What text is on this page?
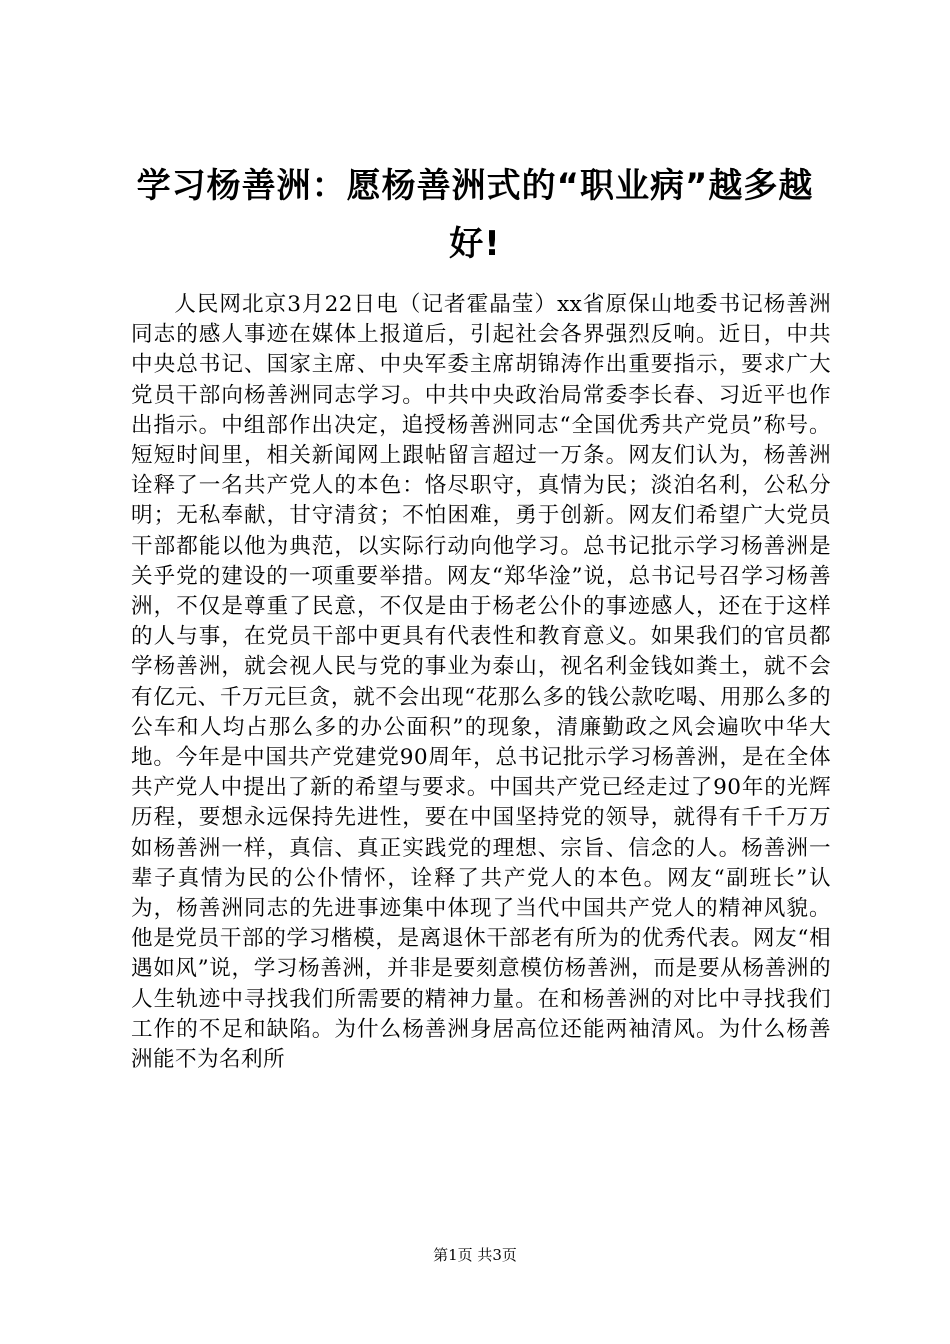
学习杨善洲：愿杨善洲式的“职业病”越多越
好!

人民网北京3月22日电（记者霍晶莹）xx省原保山地委书记杨善洲同志的感人事迹在媒体上报道后，引起社会各界强烈反响。近日，中共中央总书记、国家主席、中央军委主席胡锦涛作出重要指示，要求广大党员干部向杨善洲同志学习。中共中央政治局常委李长春、习近平也作出指示。中组部作出决定，追授杨善洲同志“全国优秀共产党员”称号。短短时间里，相关新闻网上跟帖留言超过一万条。网友们认为，杨善洲诠释了一名共产党人的本色：恪尽职守，真情为民；淡泊名利，公私分明；无私奉献，甘守清贫；不怕困难，勇于创新。网友们希望广大党员干部都能以他为典范，以实际行动向他学习。总书记批示学习杨善洲是关乎党的建设的一项重要举措。网友“郑华淦”说，总书记号召学习杨善洲，不仅是尊重了民意，不仅是由于杨老公仆的事迹感人，还在于这样的人与事，在党员干部中更具有代表性和教育意义。如果我们的官员都学杨善洲，就会视人民与党的事业为泰山，视名利金钱如粪土，就不会有亿元、千万元巨贪，就不会出现“花那么多的钱公款吃喝、用那么多的公车和人均占那么多的办公面积”的现象，清廉勤政之风会遍吹中华大地。今年是中国共产党建党90周年，总书记批示学习杨善洲，是在全体共产党人中提出了新的希望与要求。中国共产党已经走过了90年的光辉历程，要想永远保持先进性，要在中国坚持党的领导，就得有千千万万如杨善洲一样，真信、真正实践党的理想、宗旨、信念的人。杨善洲一辈子真情为民的公仆情怀，诠释了共产党人的本色。网友“副班长”认为，杨善洲同志的先进事迹集中体现了当代中国共产党人的精神风貌。他是党员干部的学习楷模，是离退休干部老有所为的优秀代表。网友“相遇如风”说，学习杨善洲，并非是要刻意模仿杨善洲，而是要从杨善洲的人生轨迹中寻找我们所需要的精神力量。在和杨善洲的对比中寻找我们工作的不足和缺陷。为什么杨善洲身居高位还能两袖清风。为什么杨善洲能不为名利所

第1页 共3页
